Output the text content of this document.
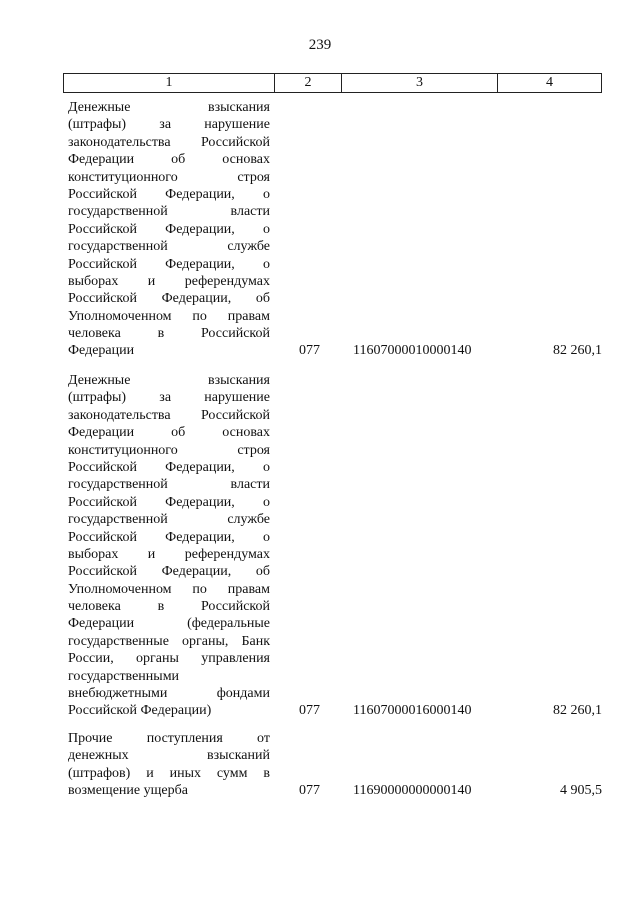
239
1	2	3	4
Денежные взыскания
(штрафы) за нарушение
законодательства Российской
Федерации об основах
конституционного строя
Российской Федерации, о
государственной власти
Российской Федерации, о
государственной службе
Российской Федерации, о
выборах и референдумах
Российской Федерации, об
Уполномоченном по правам
человека в Российской
Федерации	077	11607000010000140	82 260,1
Денежные взыскания
(штрафы) за нарушение
законодательства Российской
Федерации об основах
конституционного строя
Российской Федерации, о
государственной власти
Российской Федерации, о
государственной службе
Российской Федерации, о
выборах и референдумах
Российской Федерации, об
Уполномоченном по правам
человека в Российской
Федерации (федеральные
государственные органы, Банк
России, органы управления
государственными
внебюджетными фондами
Российской Федерации)	077	11607000016000140	82 260,1
Прочие поступления от
денежных взысканий
(штрафов) и иных сумм в
возмещение ущерба	077	11690000000000140	4 905,5
